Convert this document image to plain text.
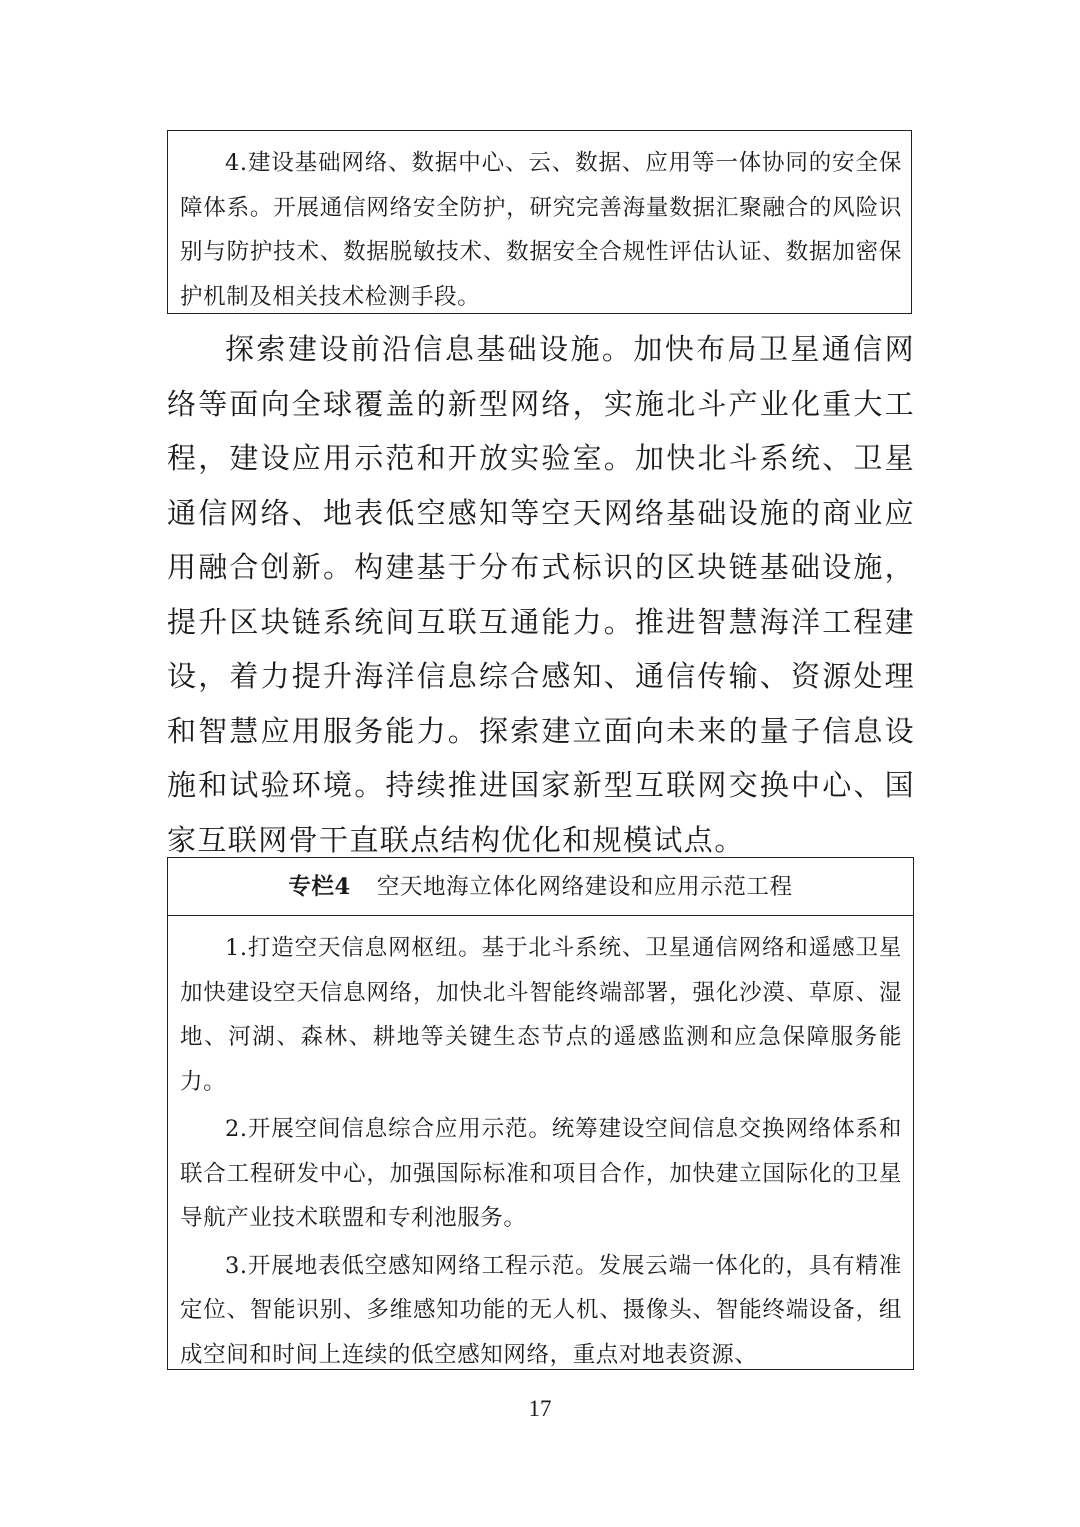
4.建设基础网络、数据中心、云、数据、应用等一体协同的安全保障体系。开展通信网络安全防护，研究完善海量数据汇聚融合的风险识别与防护技术、数据脱敏技术、数据安全合规性评估认证、数据加密保护机制及相关技术检测手段。

探索建设前沿信息基础设施。加快布局卫星通信网络等面向全球覆盖的新型网络，实施北斗产业化重大工程，建设应用示范和开放实验室。加快北斗系统、卫星通信网络、地表低空感知等空天网络基础设施的商业应用融合创新。构建基于分布式标识的区块链基础设施，提升区块链系统间互联互通能力。推进智慧海洋工程建设，着力提升海洋信息综合感知、通信传输、资源处理和智慧应用服务能力。探索建立面向未来的量子信息设施和试验环境。持续推进国家新型互联网交换中心、国家互联网骨干直联点结构优化和规模试点。

专栏4 空天地海立体化网络建设和应用示范工程

1.打造空天信息网枢纽。基于北斗系统、卫星通信网络和遥感卫星加快建设空天信息网络，加快北斗智能终端部署，强化沙漠、草原、湿地、河湖、森林、耕地等关键生态节点的遥感监测和应急保障服务能力。

2.开展空间信息综合应用示范。统筹建设空间信息交换网络体系和联合工程研发中心，加强国际标准和项目合作，加快建立国际化的卫星导航产业技术联盟和专利池服务。

3.开展地表低空感知网络工程示范。发展云端一体化的，具有精准定位、智能识别、多维感知功能的无人机、摄像头、智能终端设备，组成空间和时间上连续的低空感知网络，重点对地表资源、

17
